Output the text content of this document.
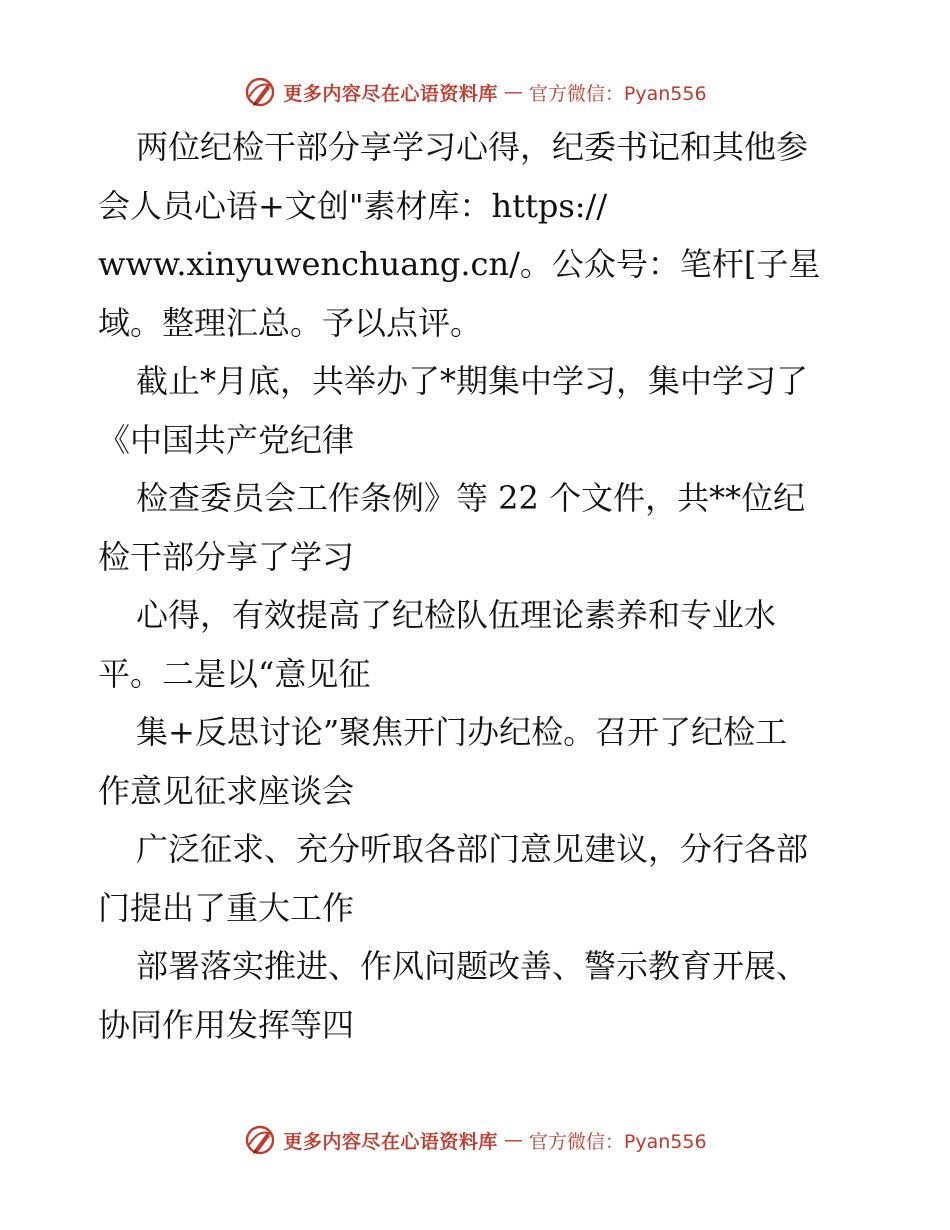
更多内容尽在心语资料库 — 官方微信：Pyan556
两位纪检干部分享学习心得，纪委书记和其他参
会人员心语+文创"素材库：https://
www.xinyuwenchuang.cn/。公众号：笔杆[子星
域。整理汇总。予以点评。
截止*月底，共举办了*期集中学习，集中学习了
《中国共产党纪律
检查委员会工作条例》等 22 个文件，共**位纪
检干部分享了学习
心得，有效提高了纪检队伍理论素养和专业水
平。二是以“意见征
集+反思讨论”聚焦开门办纪检。召开了纪检工
作意见征求座谈会
广泛征求、充分听取各部门意见建议，分行各部
门提出了重大工作
部署落实推进、作风问题改善、警示教育开展、
协同作用发挥等四
更多内容尽在心语资料库 — 官方微信：Pyan556
